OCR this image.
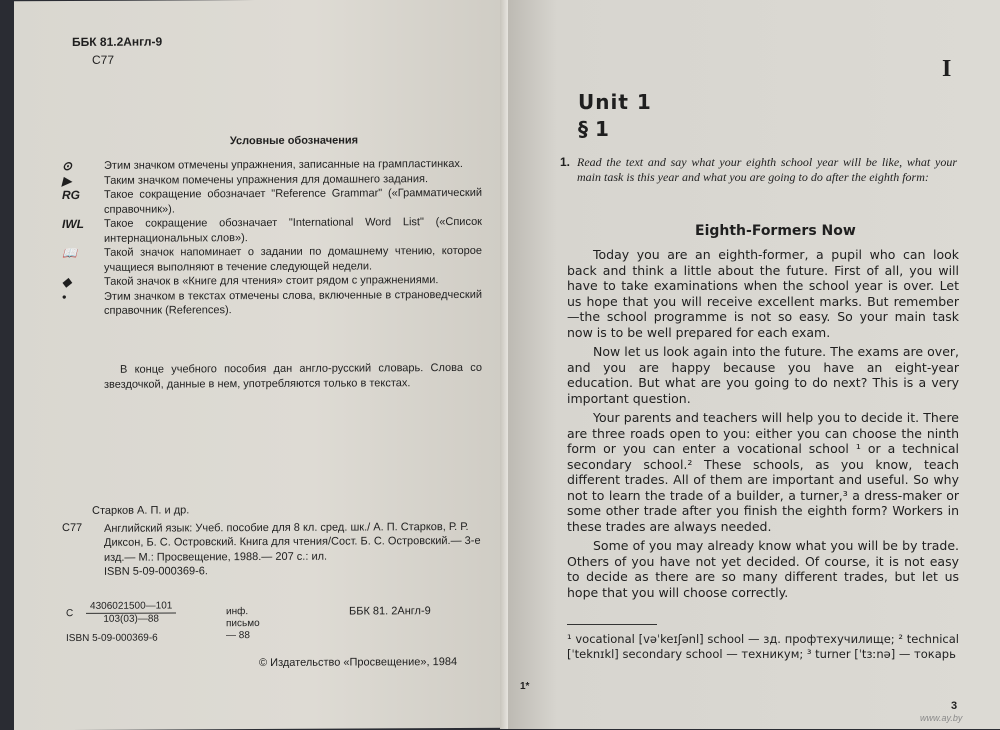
ББК 81.2Англ-9
С77
Условные обозначения
⊙	Этим значком отмечены упражнения, записанные на грампластинках.
▶	Таким значком помечены упражнения для домашнего задания.
RG	Такое сокращение обозначает "Reference Grammar" («Грамматический справочник»).
IWL	Такое сокращение обозначает "International Word List" («Список интернациональных слов»).
📖	Такой значок напоминает о задании по домашнему чтению, которое учащиеся выполняют в течение следующей недели.
◆	Такой значок в «Книге для чтения» стоит рядом с упражнениями.
•	Этим значком в текстах отмечены слова, включенные в страноведческий справочник (References).
В конце учебного пособия дан англо-русский словарь. Слова со звездочкой, данные в нем, употребляются только в текстах.
Старков А. П. и др.
С77	Английский язык: Учеб. пособие для 8 кл. сред. шк./ А. П. Старков, Р. Р. Диксон, Б. С. Островский. Книга для чтения/Сост. Б. С. Островский.— 3-е изд.— М.: Просвещение, 1988.— 207 с.: ил.
ISBN 5-09-000369-6.
С $\frac{4306021500—101}{103(03)—88}$	инф. письмо — 88
ББК 81. 2Англ-9
ISBN 5-09-000369-6
© Издательство «Просвещение», 1984
1*
I
Unit 1
§ 1
1. Read the text and say what your eighth school year will be like, what your main task is this year and what you are going to do after the eighth form:
Eighth-Formers Now

Today you are an eighth-former, a pupil who can look back and think a little about the future. First of all, you will have to take examinations when the school year is over. Let us hope that you will receive excellent marks. But remember—the school programme is not so easy. So your main task now is to be well prepared for each exam.

Now let us look again into the future. The exams are over, and you are happy because you have an eight-year education. But what are you going to do next? This is a very important question.

Your parents and teachers will help you to decide it. There are three roads open to you: either you can choose the ninth form or you can enter a vocational school ¹ or a technical secondary school.² These schools, as you know, teach different trades. All of them are important and useful. So why not to learn the trade of a builder, a turner,³ a dress-maker or some other trade after you finish the eighth form? Workers in these trades are always needed.

Some of you may already know what you will be by trade. Others of you have not yet decided. Of course, it is not easy to decide as there are so many different trades, but let us hope that you will choose correctly.

¹ vocational [vəˈkeɪʃənl] school — зд. профтехучилище; ² technical [ˈteknɪkl] secondary school — техникум; ³ turner [ˈtɜːnə] — токарь
3
www.ay.by
